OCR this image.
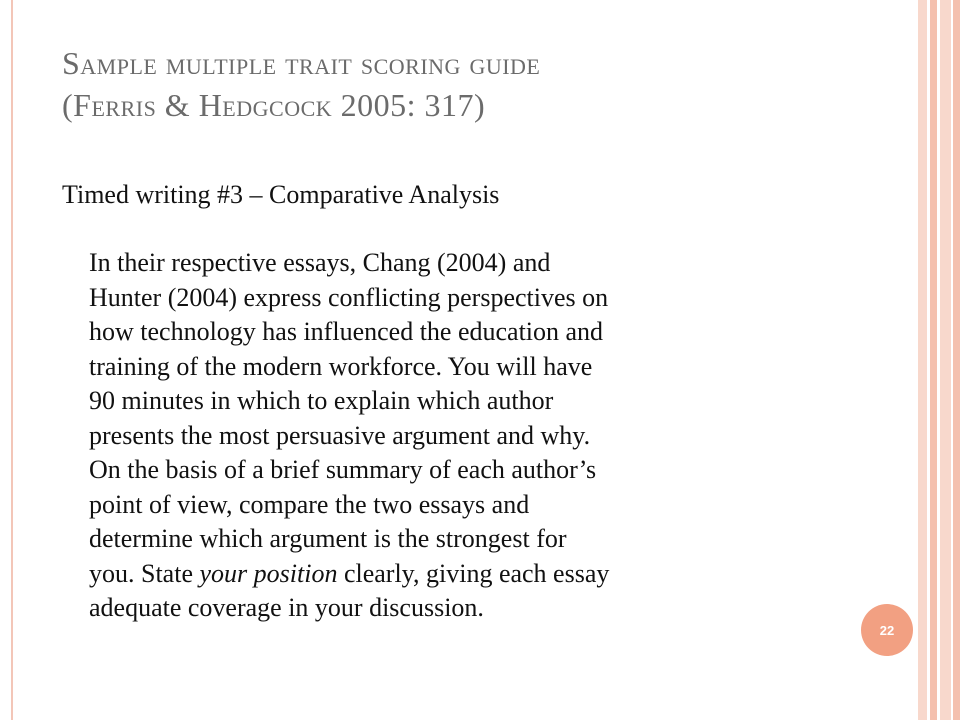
Sample multiple trait scoring guide
(Ferris & Hedgcock 2005: 317)
Timed writing #3 – Comparative Analysis
In their respective essays, Chang (2004) and
Hunter (2004) express conflicting perspectives on
how technology has influenced the education and
training of the modern workforce. You will have
90 minutes in which to explain which author
presents the most persuasive argument and why.
On the basis of a brief summary of each author’s
point of view, compare the two essays and
determine which argument is the strongest for
you. State your position clearly, giving each essay
adequate coverage in your discussion.
22
